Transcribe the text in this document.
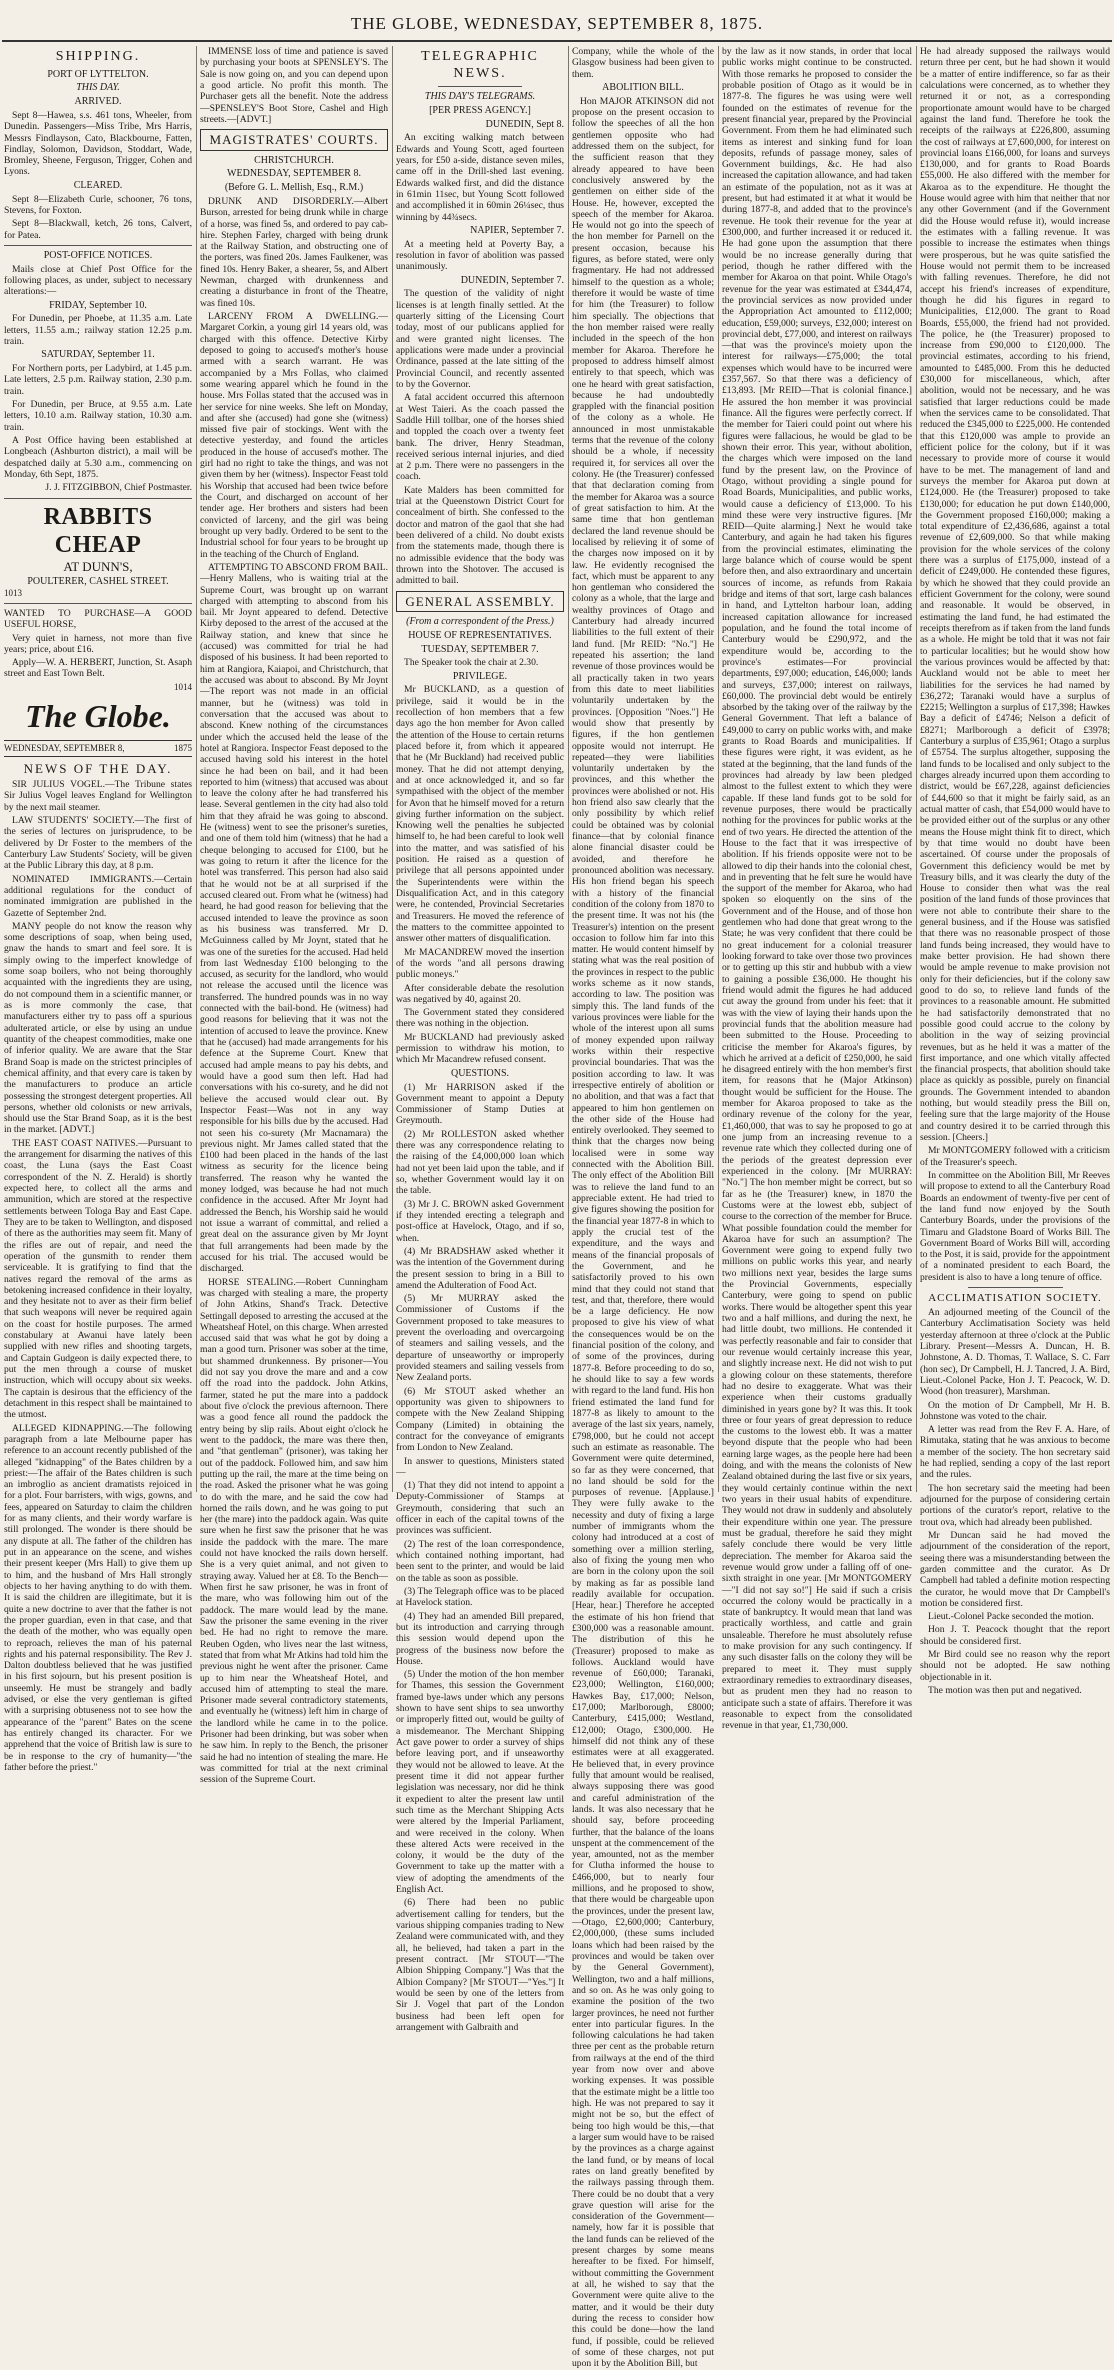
THE GLOBE, WEDNESDAY, SEPTEMBER 8, 1875.
SHIPPING.
PORT OF LYTTELTON.
THIS DAY.
ARRIVED.

Sept 8—Hawea, s.s. 461 tons, Wheeler, from Dunedin. Passengers—Miss Tribe, Mrs Harris, Messrs Findlayson, Cato, Blackbourne, Fatten, Findlay, Solomon, Davidson, Stoddart, Wade, Bromley, Sheene, Ferguson, Trigger, Cohen and Lyons.

CLEARED.

Sept 8—Elizabeth Curle, schooner, 76 tons, Stevens, for Foxton.

Sept 8—Blackwall, ketch, 26 tons, Calvert, for Patea.

POST-OFFICE NOTICES.

Mails close at Chief Post Office for the following places, as under, subject to necessary alterations:—

FRIDAY, September 10.

For Dunedin, per Phoebe, at 11.35 a.m. Late letters, 11.55 a.m.; railway station 12.25 p.m. train.

SATURDAY, September 11.

For Northern ports, per Ladybird, at 1.45 p.m. Late letters, 2.5 p.m. Railway station, 2.30 p.m. train.

For Dunedin, per Bruce, at 9.55 a.m. Late letters, 10.10 a.m. Railway station, 10.30 a.m. train.

A Post Office having been established at Longbeach (Ashburton district), a mail will be despatched daily at 5.30 a.m., commencing on Monday, 6th Sept, 1875.

J. J. FITZGIBBON, Chief Postmaster.

RABBITS CHEAP
AT DUNN'S,
POULTERER, CASHEL STREET.
1013

WANTED TO PURCHASE—A GOOD USEFUL HORSE,

Very quiet in harness, not more than five years; price, about £16.

Apply—W. A. HERBERT, Junction, St. Asaph street and East Town Belt.

1014
The Globe.
WEDNESDAY, SEPTEMBER 8,	1875
NEWS OF THE DAY.

SIR JULIUS VOGEL.—The Tribune states Sir Julius Vogel leaves England for Wellington by the next mail steamer.

LAW STUDENTS' SOCIETY.—The first of the series of lectures on jurisprudence, to be delivered by Dr Foster to the members of the Canterbury Law Students' Society, will be given at the Public Library this day, at 8 p.m.

NOMINATED IMMIGRANTS.—Certain additional regulations for the conduct of nominated immigration are published in the Gazette of September 2nd.

MANY people do not know the reason why some descriptions of soap, when being used, gnaw the hands to smart and feel sore. It is simply owing to the imperfect knowledge of some soap boilers, who not being thoroughly acquainted with the ingredients they are using, do not compound them in a scientific manner, or as is more commonly the case, that manufacturers either try to pass off a spurious adulterated article, or else by using an undue quantity of the cheapest commodities, make one of inferior quality. We are aware that the Star Brand Soap is made on the strictest principles of chemical affinity, and that every care is taken by the manufacturers to produce an article possessing the strongest detergent properties. All persons, whether old colonists or new arrivals, should use the Star Brand Soap, as it is the best in the market. [ADVT.]

THE EAST COAST NATIVES.—Pursuant to the arrangement for disarming the natives of this coast, the Luna (says the East Coast correspondent of the N. Z. Herald) is shortly expected here, to collect all the arms and ammunition, which are stored at the respective settlements between Tologa Bay and East Cape. They are to be taken to Wellington, and disposed of there as the authorities may seem fit. Many of the rifles are out of repair, and need the operation of the gunsmith to render them serviceable. It is gratifying to find that the natives regard the removal of the arms as betokening increased confidence in their loyalty, and they hesitate not to aver as their firm belief that such weapons will never be required again on the coast for hostile purposes. The armed constabulary at Awanui have lately been supplied with new rifles and shooting targets, and Captain Gudgeon is daily expected there, to put the men through a course of musket instruction, which will occupy about six weeks. The captain is desirous that the efficiency of the detachment in this respect shall be maintained to the utmost.

ALLEGED KIDNAPPING.—The following paragraph from a late Melbourne paper has reference to an account recently published of the alleged "kidnapping" of the Bates children by a priest:—The affair of the Bates children is such an imbroglio as ancient dramatists rejoiced in for a plot. Four barristers, with wigs, gowns, and fees, appeared on Saturday to claim the children for as many clients, and their wordy warfare is still prolonged. The wonder is there should be any dispute at all. The father of the children has put in an appearance on the scene, and wishes their present keeper (Mrs Hall) to give them up to him, and the husband of Mrs Hall strongly objects to her having anything to do with them. It is said the children are illegitimate, but it is quite a new doctrine to aver that the father is not the proper guardian, even in that case, and that the death of the mother, who was equally open to reproach, relieves the man of his paternal rights and his paternal responsibility. The Rev J. Dalton doubtless believed that he was justified in his first sojourn, but his present position is unseemly. He must be strangely and badly advised, or else the very gentleman is gifted with a surprising obtuseness not to see how the appearance of the "parent" Bates on the scene has entirely changed its character. For we apprehend that the voice of British law is sure to be in response to the cry of humanity—"the father before the priest."

IMMENSE loss of time and patience is saved by purchasing your boots at SPENSLEY'S. The Sale is now going on, and you can depend upon a good article. No profit this month. The Purchaser gets all the benefit. Note the address—SPENSLEY'S Boot Store, Cashel and High streets.—[ADVT.]

MAGISTRATES' COURTS.
CHRISTCHURCH.
WEDNESDAY, SEPTEMBER 8.
(Before G. L. Mellish, Esq., R.M.)

DRUNK AND DISORDERLY.—Albert Burson, arrested for being drunk while in charge of a horse, was fined 5s, and ordered to pay cab-hire. Stephen Farley, charged with being drunk at the Railway Station, and obstructing one of the porters, was fined 20s. James Faulkener, was fined 10s. Henry Baker, a shearer, 5s, and Albert Newman, charged with drunkenness and creating a disturbance in front of the Theatre, was fined 10s.

LARCENY FROM A DWELLING.—Margaret Corkin, a young girl 14 years old, was charged with this offence. Detective Kirby deposed to going to accused's mother's house armed with a search warrant. He was accompanied by a Mrs Follas, who claimed some wearing apparel which he found in the house. Mrs Follas stated that the accused was in her service for nine weeks. She left on Monday, and after she (accused) had gone she (witness) missed five pair of stockings. Went with the detective yesterday, and found the articles produced in the house of accused's mother. The girl had no right to take the things, and was not given them by her (witness). Inspector Feast told his Worship that accused had been twice before the Court, and discharged on account of her tender age. Her brothers and sisters had been convicted of larceny, and the girl was being brought up very badly. Ordered to be sent to the Industrial school for four years to be brought up in the teaching of the Church of England.

ATTEMPTING TO ABSCOND FROM BAIL.—Henry Mallens, who is waiting trial at the Supreme Court, was brought up on warrant charged with attempting to abscond from his bail. Mr Joynt appeared to defend. Detective Kirby deposed to the arrest of the accused at the Railway station, and knew that since he (accused) was committed for trial he had disposed of his business. It had been reported to him at Rangiora, Kaiapoi, and Christchurch, that the accused was about to abscond. By Mr Joynt—The report was not made in an official manner, but he (witness) was told in conversation that the accused was about to abscond. Knew nothing of the circumstances under which the accused held the lease of the hotel at Rangiora. Inspector Feast deposed to the accused having sold his interest in the hotel since he had been on bail, and it had been reported to him (witness) that accused was about to leave the colony after he had transferred his lease. Several gentlemen in the city had also told him that they afraid he was going to abscond. He (witness) went to see the prisoner's sureties, and one of them told him (witness) that he had a cheque belonging to accused for £100, but he was going to return it after the licence for the hotel was transferred. This person had also said that he would not be at all surprised if the accused cleared out. From what he (witness) had heard, he had good reason for believing that the accused intended to leave the province as soon as his business was transferred. Mr D. McGuinness called by Mr Joynt, stated that he was one of the sureties for the accused. Had held from last Wednesday £100 belonging to the accused, as security for the landlord, who would not release the accused until the licence was transferred. The hundred pounds was in no way connected with the bail-bond. He (witness) had good reasons for believing that it was not the intention of accused to leave the province. Knew that he (accused) had made arrangements for his defence at the Supreme Court. Knew that accused had ample means to pay his debts, and would have a good sum then left. Had had conversations with his co-surety, and he did not believe the accused would clear out. By Inspector Feast—Was not in any way responsible for his bills due by the accused. Had not seen his co-surety (Mr Macnamara) the previous night. Mr James called stated that the £100 had been placed in the hands of the last witness as security for the licence being transferred. The reason why he wanted the money lodged, was because he had not much confidence in the accused. After Mr Joynt had addressed the Bench, his Worship said he would not issue a warrant of committal, and relied a great deal on the assurance given by Mr Joynt that full arrangements had been made by the accused for his trial. The accused would be discharged.

HORSE STEALING.—Robert Cunningham was charged with stealing a mare, the property of John Atkins, Shand's Track. Detective Settingall deposed to arresting the accused at the Wheatsheaf Hotel, on this charge. When arrested accused said that was what he got by doing a man a good turn. Prisoner was sober at the time, but shammed drunkenness. By prisoner—You did not say you drove the mare and and a cow off the road into the paddock. John Atkins, farmer, stated he put the mare into a paddock about five o'clock the previous afternoon. There was a good fence all round the paddock the entry being by slip rails. About eight o'clock he went to the paddock, the mare was there then, and "that gentleman" (prisoner), was taking her out of the paddock. Followed him, and saw him putting up the rail, the mare at the time being on the road. Asked the prisoner what he was going to do with the mare, and he said the cow had horned the rails down, and he was going to put her (the mare) into the paddock again. Was quite sure when he first saw the prisoner that he was inside the paddock with the mare. The mare could not have knocked the rails down herself. She is a very quiet animal, and not given to straying away. Valued her at £8. To the Bench—When first he saw prisoner, he was in front of the mare, who was following him out of the paddock. The mare would lead by the mane. Saw the prisoner the same evening in the river bed. He had no right to remove the mare. Reuben Ogden, who lives near the last witness, stated that from what Mr Atkins had told him the previous night he went after the prisoner. Came up to him near the Wheatsheaf Hotel, and accused him of attempting to steal the mare. Prisoner made several contradictory statements, and eventually he (witness) left him in charge of the landlord while he came in to the police. Prisoner had been drinking, but was sober when he saw him. In reply to the Bench, the prisoner said he had no intention of stealing the mare. He was committed for trial at the next criminal session of the Supreme Court.

TELEGRAPHIC NEWS.
THIS DAY'S TELEGRAMS.
[PER PRESS AGENCY.]
DUNEDIN, Sept 8.

An exciting walking match between Edwards and Young Scott, aged fourteen years, for £50 a-side, distance seven miles, came off in the Drill-shed last evening. Edwards walked first, and did the distance in 61min 11sec, but Young Scott followed and accomplished it in 60min 26¼sec, thus winning by 44¾secs.

NAPIER, September 7.

At a meeting held at Poverty Bay, a resolution in favor of abolition was passed unanimously.

DUNEDIN, September 7.

The question of the validity of night licenses is at length finally settled. At the quarterly sitting of the Licensing Court today, most of our publicans applied for and were granted night licenses. The applications were made under a provincial Ordinance, passed at the late sitting of the Provincial Council, and recently assented to by the Governor.

A fatal accident occurred this afternoon at West Taieri. As the coach passed the Saddle Hill tollbar, one of the horses shied and toppled the coach over a twenty feet bank. The driver, Henry Steadman, received serious internal injuries, and died at 2 p.m. There were no passengers in the coach.

Kate Malders has been committed for trial at the Queenstown District Court for concealment of birth. She confessed to the doctor and matron of the gaol that she had been delivered of a child. No doubt exists from the statements made, though there is no admissible evidence that the body was thrown into the Shotover. The accused is admitted to bail.

GENERAL ASSEMBLY.
(From a correspondent of the Press.)
HOUSE OF REPRESENTATIVES.
TUESDAY, SEPTEMBER 7.

The Speaker took the chair at 2.30.

PRIVILEGE.

Mr BUCKLAND, as a question of privilege, said it would be in the recollection of hon members that a few days ago the hon member for Avon called the attention of the House to certain returns placed before it, from which it appeared that he (Mr Buckland) had received public money. That he did not attempt denying, and at once acknowledged it, and so far sympathised with the object of the member for Avon that he himself moved for a return giving further information on the subject. Knowing well the penalties he subjected himself to, he had been careful to look well into the matter, and was satisfied of his position. He raised as a question of privilege that all persons appointed under the Superintendents were within the Disqualification Act, and in this category were, he contended, Provincial Secretaries and Treasurers. He moved the reference of the matters to the committee appointed to answer other matters of disqualification.

Mr MACANDREW moved the insertion of the words "and all persons drawing public moneys."

After considerable debate the resolution was negatived by 40, against 20.

The Government stated they considered there was nothing in the objection.

Mr BUCKLAND had previously asked permission to withdraw his motion, to which Mr Macandrew refused consent.

QUESTIONS.

(1) Mr HARRISON asked if the Government meant to appoint a Deputy Commissioner of Stamp Duties at Greymouth.

(2) Mr ROLLESTON asked whether there was any correspondence relating to the raising of the £4,000,000 loan which had not yet been laid upon the table, and if so, whether Government would lay it on the table.

(3) Mr J. C. BROWN asked Government if they intended erecting a telegraph and post-office at Havelock, Otago, and if so, when.

(4) Mr BRADSHAW asked whether it was the intention of the Government during the present session to bring in a Bill to amend the Adulteration of Food Act.

(5) Mr MURRAY asked the Commissioner of Customs if the Government proposed to take measures to prevent the overloading and overcargoing of steamers and sailing vessels, and the departure of unseaworthy or improperly provided steamers and sailing vessels from New Zealand ports.

(6) Mr STOUT asked whether an opportunity was given to shipowners to compete with the New Zealand Shipping Company (Limited) in obtaining the contract for the conveyance of emigrants from London to New Zealand.

In answer to questions, Ministers stated—

(1) That they did not intend to appoint a Deputy-Commissioner of Stamps at Greymouth, considering that such an officer in each of the capital towns of the provinces was sufficient.

(2) The rest of the loan correspondence, which contained nothing important, had been sent to the printer, and would be laid on the table as soon as possible.

(3) The Telegraph office was to be placed at Havelock station.

(4) They had an amended Bill prepared, but its introduction and carrying through this session would depend upon the progress of the business now before the House.

(5) Under the motion of the hon member for Thames, this session the Government framed bye-laws under which any persons shown to have sent ships to sea unworthy or improperly fitted out, would be guilty of a misdemeanor. The Merchant Shipping Act gave power to order a survey of ships before leaving port, and if unseaworthy they would not be allowed to leave. At the present time it did not appear further legislation was necessary, nor did he think it expedient to alter the present law until such time as the Merchant Shipping Acts were altered by the Imperial Parliament, and were received in the colony. When these altered Acts were received in the colony, it would be the duty of the Government to take up the matter with a view of adopting the amendments of the English Act.

(6) There had been no public advertisement calling for tenders, but the various shipping companies trading to New Zealand were communicated with, and they all, he believed, had taken a part in the present contract. [Mr STOUT—"The Albion Shipping Company."] Was that the Albion Company? [Mr STOUT—"Yes."] It would be seen by one of the letters from Sir J. Vogel that part of the London business had been left open for arrangement with Galbraith and

Company, while the whole of the Glasgow business had been given to them.

ABOLITION BILL.

Hon MAJOR ATKINSON did not propose on the present occasion to follow the speeches of all the hon gentlemen opposite who had addressed them on the subject, for the sufficient reason that they already appeared to have been conclusively answered by the gentlemen on either side of the House. He, however, excepted the speech of the member for Akaroa. He would not go into the speech of the hon member for Parnell on the present occasion, because his figures, as before stated, were only fragmentary. He had not addressed himself to the question as a whole; therefore it would be waste of time for him (the Treasurer) to follow him specially. The objections that the hon member raised were really included in the speech of the hon member for Akaroa. Therefore he proposed to address himself almost entirely to that speech, which was one he heard with great satisfaction, because he had undoubtedly grappled with the financial position of the colony as a whole. He announced in most unmistakable terms that the revenue of the colony should be a whole, if necessity required it, for services all over the colony. He (the Treasurer) confessed that that declaration coming from the member for Akaroa was a source of great satisfaction to him. At the same time that hon gentleman declared the land revenue should be localised by relieving it of some of the charges now imposed on it by law. He evidently recognised the fact, which must be apparent to any hon gentleman who considered the colony as a whole, that the large and wealthy provinces of Otago and Canterbury had already incurred liabilities to the full extent of their land fund. [Mr REID: "No."] He repeated his assertion; the land revenue of those provinces would be all practically taken in two years from this date to meet liabilities voluntarily undertaken by the provinces. [Opposition "Noes."] He would show that presently by figures, if the hon gentlemen opposite would not interrupt. He repeated—they were liabilities voluntarily undertaken by the provinces, and this whether the provinces were abolished or not. His hon friend also saw clearly that the only possibility by which relief could be obtained was by colonial finance—that by colonial finance alone financial disaster could be avoided, and therefore he pronounced abolition was necessary. His hon friend began his speech with a history of the financial condition of the colony from 1870 to the present time. It was not his (the Treasurer's) intention on the present occasion to follow him far into this matter. He would content himself by stating what was the real position of the provinces in respect to the public works scheme as it now stands, according to law. The position was simply this. The land funds of the various provinces were liable for the whole of the interest upon all sums of money expended upon railway works within their respective provincial boundaries. That was the position according to law. It was irrespective entirely of abolition or no abolition, and that was a fact that appeared to him hon gentlemen on the other side of the House had entirely overlooked. They seemed to think that the charges now being localised were in some way connected with the Abolition Bill. The only effect of the Abolition Bill was to relieve the land fund to an appreciable extent. He had tried to give figures showing the position for the financial year 1877-8 in which to apply the crucial test of the expenditure, and the ways and means of the financial proposals of the Government, and he satisfactorily proved to his own mind that they could not stand that test, and that, therefore, there would be a large deficiency. He now proposed to give his view of what the consequences would be on the financial position of the colony, and of some of the provinces, during 1877-8. Before proceeding to do so, he should like to say a few words with regard to the land fund. His hon friend estimated the land fund for 1877-8 as likely to amount to the average of the last six years, namely, £798,000, but he could not accept such an estimate as reasonable. The Government were quite determined, so far as they were concerned, that no land should be sold for the purposes of revenue. [Applause.] They were fully awake to the necessity and duty of fixing a large number of immigrants whom the colony had introduced at a cost of something over a million sterling, also of fixing the young men who are born in the colony upon the soil by making as far as possible land readily available for occupation. [Hear, hear.] Therefore he accepted the estimate of his hon friend that £300,000 was a reasonable amount. The distribution of this he (Treasurer) proposed to make as follows. Auckland would have revenue of £60,000; Taranaki, £23,000; Wellington, £160,000; Hawkes Bay, £17,000; Nelson, £17,000; Marlborough, £8000; Canterbury, £415,000; Westland, £12,000; Otago, £300,000. He himself did not think any of these estimates were at all exaggerated. He believed that, in every province fully that amount would be realised, always supposing there was good and careful administration of the lands. It was also necessary that he should say, before proceeding further, that the balance of the loans unspent at the commencement of the year, amounted, not as the member for Clutha informed the house to £466,000, but to nearly four millions, and he proposed to show, that there would be chargeable upon the provinces, under the present law,—Otago, £2,600,000; Canterbury, £2,000,000, (these sums included loans which had been raised by the provinces and would be taken over by the General Government), Wellington, two and a half millions, and so on. As he was only going to examine the position of the two larger provinces, he need not further enter into particular figures. In the following calculations he had taken three per cent as the probable return from railways at the end of the third year from now over and above working expenses. It was possible that the estimate might be a little too high. He was not prepared to say it might not be so, but the effect of being too high would be this,—that a larger sum would have to be raised by the provinces as a charge against the land fund, or by means of local rates on land greatly benefited by the railways passing through them. There could be no doubt that a very grave question will arise for the consideration of the Government—namely, how far it is possible that the land funds can be relieved of the present charges by some means hereafter to be fixed. For himself, without committing the Government at all, he wished to say that the Government were quite alive to the matter, and it would be their duty during the recess to consider how this could be done—how the land fund, if possible, could be relieved of some of these charges, not put upon it by the Abolition Bill, but

by the law as it now stands, in order that local public works might continue to be constructed. With those remarks he proposed to consider the probable position of Otago as it would be in 1877-8. The figures he was using were well founded on the estimates of revenue for the present financial year, prepared by the Provincial Government. From them he had eliminated such items as interest and sinking fund for loan deposits, refunds of passage money, sales of Government buildings, &c. He had also increased the capitation allowance, and had taken an estimate of the population, not as it was at present, but had estimated it at what it would be during 1877-8, and added that to the province's revenue. He took their revenue for the year at £300,000, and further increased it or reduced it. He had gone upon the assumption that there would be no increase generally during that period, though he rather differed with the member for Akaroa on that point. While Otago's revenue for the year was estimated at £344,474, the provincial services as now provided under the Appropriation Act amounted to £112,000; education, £59,000; surveys, £32,000; interest on provincial debt, £77,000, and interest on railways—that was the province's moiety upon the interest for railways—£75,000; the total expenses which would have to be incurred were £357,567. So that there was a deficiency of £13,893. [Mr REID—That is colonial finance.] He assured the hon member it was provincial finance. All the figures were perfectly correct. If the member for Taieri could point out where his figures were fallacious, he would be glad to be shown their error. This year, without abolition, the charges which were imposed on the land fund by the present law, on the Province of Otago, without providing a single pound for Road Boards, Municipalities, and public works, would cause a deficiency of £13,000. To his mind these were very instructive figures. [Mr REID—Quite alarming.] Next he would take Canterbury, and again he had taken his figures from the provincial estimates, eliminating the large balance which of course would be spent before then, and also extraordinary and uncertain sources of income, as refunds from Rakaia bridge and items of that sort, large cash balances in hand, and Lyttelton harbour loan, adding increased capitation allowance for increased population, and he found the total income of Canterbury would be £290,972, and the expenditure would be, according to the province's estimates—For provincial departments, £97,000; education, £46,000; lands and surveys, £37,000; interest on railways, £60,000. The provincial debt would be entirely absorbed by the taking over of the railway by the General Government. That left a balance of £49,000 to carry on public works with, and make grants to Road Boards and municipalities. If these figures were right, it was evident, as he stated at the beginning, that the land funds of the provinces had already by law been pledged almost to the fullest extent to which they were capable. If these land funds got to be sold for revenue purposes, there would be practically nothing for the provinces for public works at the end of two years. He directed the attention of the House to the fact that it was irrespective of abolition. If his friends opposite were not to be allowed to dip their hands into the colonial chest, and in preventing that he felt sure he would have the support of the member for Akaroa, who had spoken so eloquently on the sins of the Government and of the House, and of those hon gentlemen who had done that great wrong to the State; he was very confident that there could be no great inducement for a colonial treasurer looking forward to take over those two provinces or to getting up this stir and hubbub with a view to gaining a possible £36,000. He thought his friend would admit the figures he had adduced cut away the ground from under his feet: that it was with the view of laying their hands upon the provincial funds that the abolition measure had been submitted to the House. Proceeding to criticise the member for Akaroa's figures, by which he arrived at a deficit of £250,000, he said he disagreed entirely with the hon member's first item, for reasons that he (Major Atkinson) thought would be sufficient for the House. The member for Akaroa proposed to take as the ordinary revenue of the colony for the year, £1,460,000, that was to say he proposed to go at one jump from an increasing revenue to a revenue rate which they collected during one of the periods of the greatest depression ever experienced in the colony. [Mr MURRAY: "No."] The hon member might be correct, but so far as he (the Treasurer) knew, in 1870 the Customs were at the lowest ebb, subject of course to the correction of the member for Bruce. What possible foundation could the member for Akaroa have for such an assumption? The Government were going to expend fully two millions on public works this year, and nearly two millions next year, besides the large sums the Provincial Governments, especially Canterbury, were going to spend on public works. There would be altogether spent this year two and a half millions, and during the next, he had little doubt, two millions. He contended it was perfectly reasonable and fair to consider that our revenue would certainly increase this year, and slightly increase next. He did not wish to put a glowing colour on these statements, therefore had no desire to exaggerate. What was their experience when their customs gradually diminished in years gone by? It was this. It took three or four years of great depression to reduce the customs to the lowest ebb. It was a matter beyond dispute that the people who had been earning large wages, as the people here had been doing, and with the means the colonists of New Zealand obtained during the last five or six years, they would certainly continue within the next two years in their usual habits of expenditure. They would not draw in suddenly and absolutely their expenditure within one year. The pressure must be gradual, therefore he said they might safely conclude there would be very little depreciation. The member for Akaroa said the revenue would grow under a falling off of one-sixth straight in one year. [Mr MONTGOMERY—"I did not say so!"] He said if such a crisis occurred the colony would be practically in a state of bankruptcy. It would mean that land was practically worthless, and cattle and grain unsaleable. Therefore he must absolutely refuse to make provision for any such contingency. If any such disaster falls on the colony they will be prepared to meet it. They must supply extraordinary remedies to extraordinary diseases, but as prudent men they had no reason to anticipate such a state of affairs. Therefore it was reasonable to expect from the consolidated revenue in that year, £1,730,000.

He had already supposed the railways would return three per cent, but he had shown it would be a matter of entire indifference, so far as their calculations were concerned, as to whether they returned it or not, as a corresponding proportionate amount would have to be charged against the land fund. Therefore he took the receipts of the railways at £226,800, assuming the cost of railways at £7,600,000, for interest on provincial loans £166,000, for loans and surveys £130,000, and for grants to Road Boards £55,000. He also differed with the member for Akaroa as to the expenditure. He thought the House would agree with him that neither that nor any other Government (and if the Government did the House would refuse it), would increase the estimates with a falling revenue. It was possible to increase the estimates when things were prosperous, but he was quite satisfied the House would not permit them to be increased with falling revenues. Therefore, he did not accept his friend's increases of expenditure, though he did his figures in regard to Municipalities, £12,000. The grant to Road Boards, £55,000, the friend had not provided. The police, he (the Treasurer) proposed to increase from £90,000 to £120,000. The provincial estimates, according to his friend, amounted to £485,000. From this he deducted £30,000 for miscellaneous, which, after abolition, would not be necessary, and he was satisfied that larger reductions could be made when the services came to be consolidated. That reduced the £345,000 to £225,000. He contended that this £120,000 was ample to provide an efficient police for the colony, but if it was necessary to provide more of course it would have to be met. The management of land and surveys the member for Akaroa put down at £124,000. He (the Treasurer) proposed to take £130,000; for education he put down £140,000, the Government proposed £160,000; making a total expenditure of £2,436,686, against a total revenue of £2,609,000. So that while making provision for the whole services of the colony there was a surplus of £175,000, instead of a deficit of £249,000. He contended these figures, by which he showed that they could provide an efficient Government for the colony, were sound and reasonable. It would be observed, in estimating the land fund, he had estimated the receipts therefrom as if taken from the land funds as a whole. He might be told that it was not fair to particular localities; but he would show how the various provinces would be affected by that: Auckland would not be able to meet her liabilities for the services he had named by £36,272; Taranaki would have a surplus of £2215; Wellington a surplus of £17,398; Hawkes Bay a deficit of £4746; Nelson a deficit of £8271; Marlborough a deficit of £3978; Canterbury a surplus of £35,961; Otago a surplus of £5754. The surplus altogether, supposing the land funds to be localised and only subject to the charges already incurred upon them according to district, would be £67,228, against deficiencies of £44,600 so that it might be fairly said, as an actual matter of cash, that £54,000 would have to be provided either out of the surplus or any other means the House might think fit to direct, which by that time would no doubt have been ascertained. Of course under the proposals of Government this deficiency would be met by Treasury bills, and it was clearly the duty of the House to consider then what was the real position of the land funds of those provinces that were not able to contribute their share to the general business, and if the House was satisfied that there was no reasonable prospect of those land funds being increased, they would have to make better provision. He had shown there would be ample revenue to make provision not only for their deficiencies, but if the colony saw good to do so, to relieve land funds of the provinces to a reasonable amount. He submitted he had satisfactorily demonstrated that no possible good could accrue to the colony by abolition in the way of seizing provincial revenues, but as he held it was a matter of the first importance, and one which vitally affected the financial prospects, that abolition should take place as quickly as possible, purely on financial grounds. The Government intended to abandon nothing, but would steadily press the Bill on, feeling sure that the large majority of the House and country desired it to be carried through this session. [Cheers.]

Mr MONTGOMERY followed with a criticism of the Treasurer's speech.

In committee on the Abolition Bill, Mr Reeves will propose to extend to all the Canterbury Road Boards an endowment of twenty-five per cent of the land fund now enjoyed by the South Canterbury Boards, under the provisions of the Timaru and Gladstone Board of Works Bill. The Government Board of Works Bill will, according to the Post, it is said, provide for the appointment of a nominated president to each Board, the president is also to have a long tenure of office.

ACCLIMATISATION SOCIETY.

An adjourned meeting of the Council of the Canterbury Acclimatisation Society was held yesterday afternoon at three o'clock at the Public Library. Present—Messrs A. Duncan, H. B. Johnstone, A. D. Thomas, T. Wallace, S. C. Farr (hon sec), Dr Campbell, H. J. Tancred, J. A. Bird, Lieut.-Colonel Packe, Hon J. T. Peacock, W. D. Wood (hon treasurer), Marshman.

On the motion of Dr Campbell, Mr H. B. Johnstone was voted to the chair.

A letter was read from the Rev F. A. Hare, of Rimutaka, stating that he was anxious to become a member of the society. The hon secretary said he had replied, sending a copy of the last report and the rules.

The hon secretary said the meeting had been adjourned for the purpose of considering certain portions of the curator's report, relative to the trout ova, which had already been published.

Mr Duncan said he had moved the adjournment of the consideration of the report, seeing there was a misunderstanding between the garden committee and the curator. As Dr Campbell had tabled a definite motion respecting the curator, he would move that Dr Campbell's motion be considered first.

Lieut.-Colonel Packe seconded the motion.

Hon J. T. Peacock thought that the report should be considered first.

Mr Bird could see no reason why the report should not be adopted. He saw nothing objectionable in it.

The motion was then put and negatived.
